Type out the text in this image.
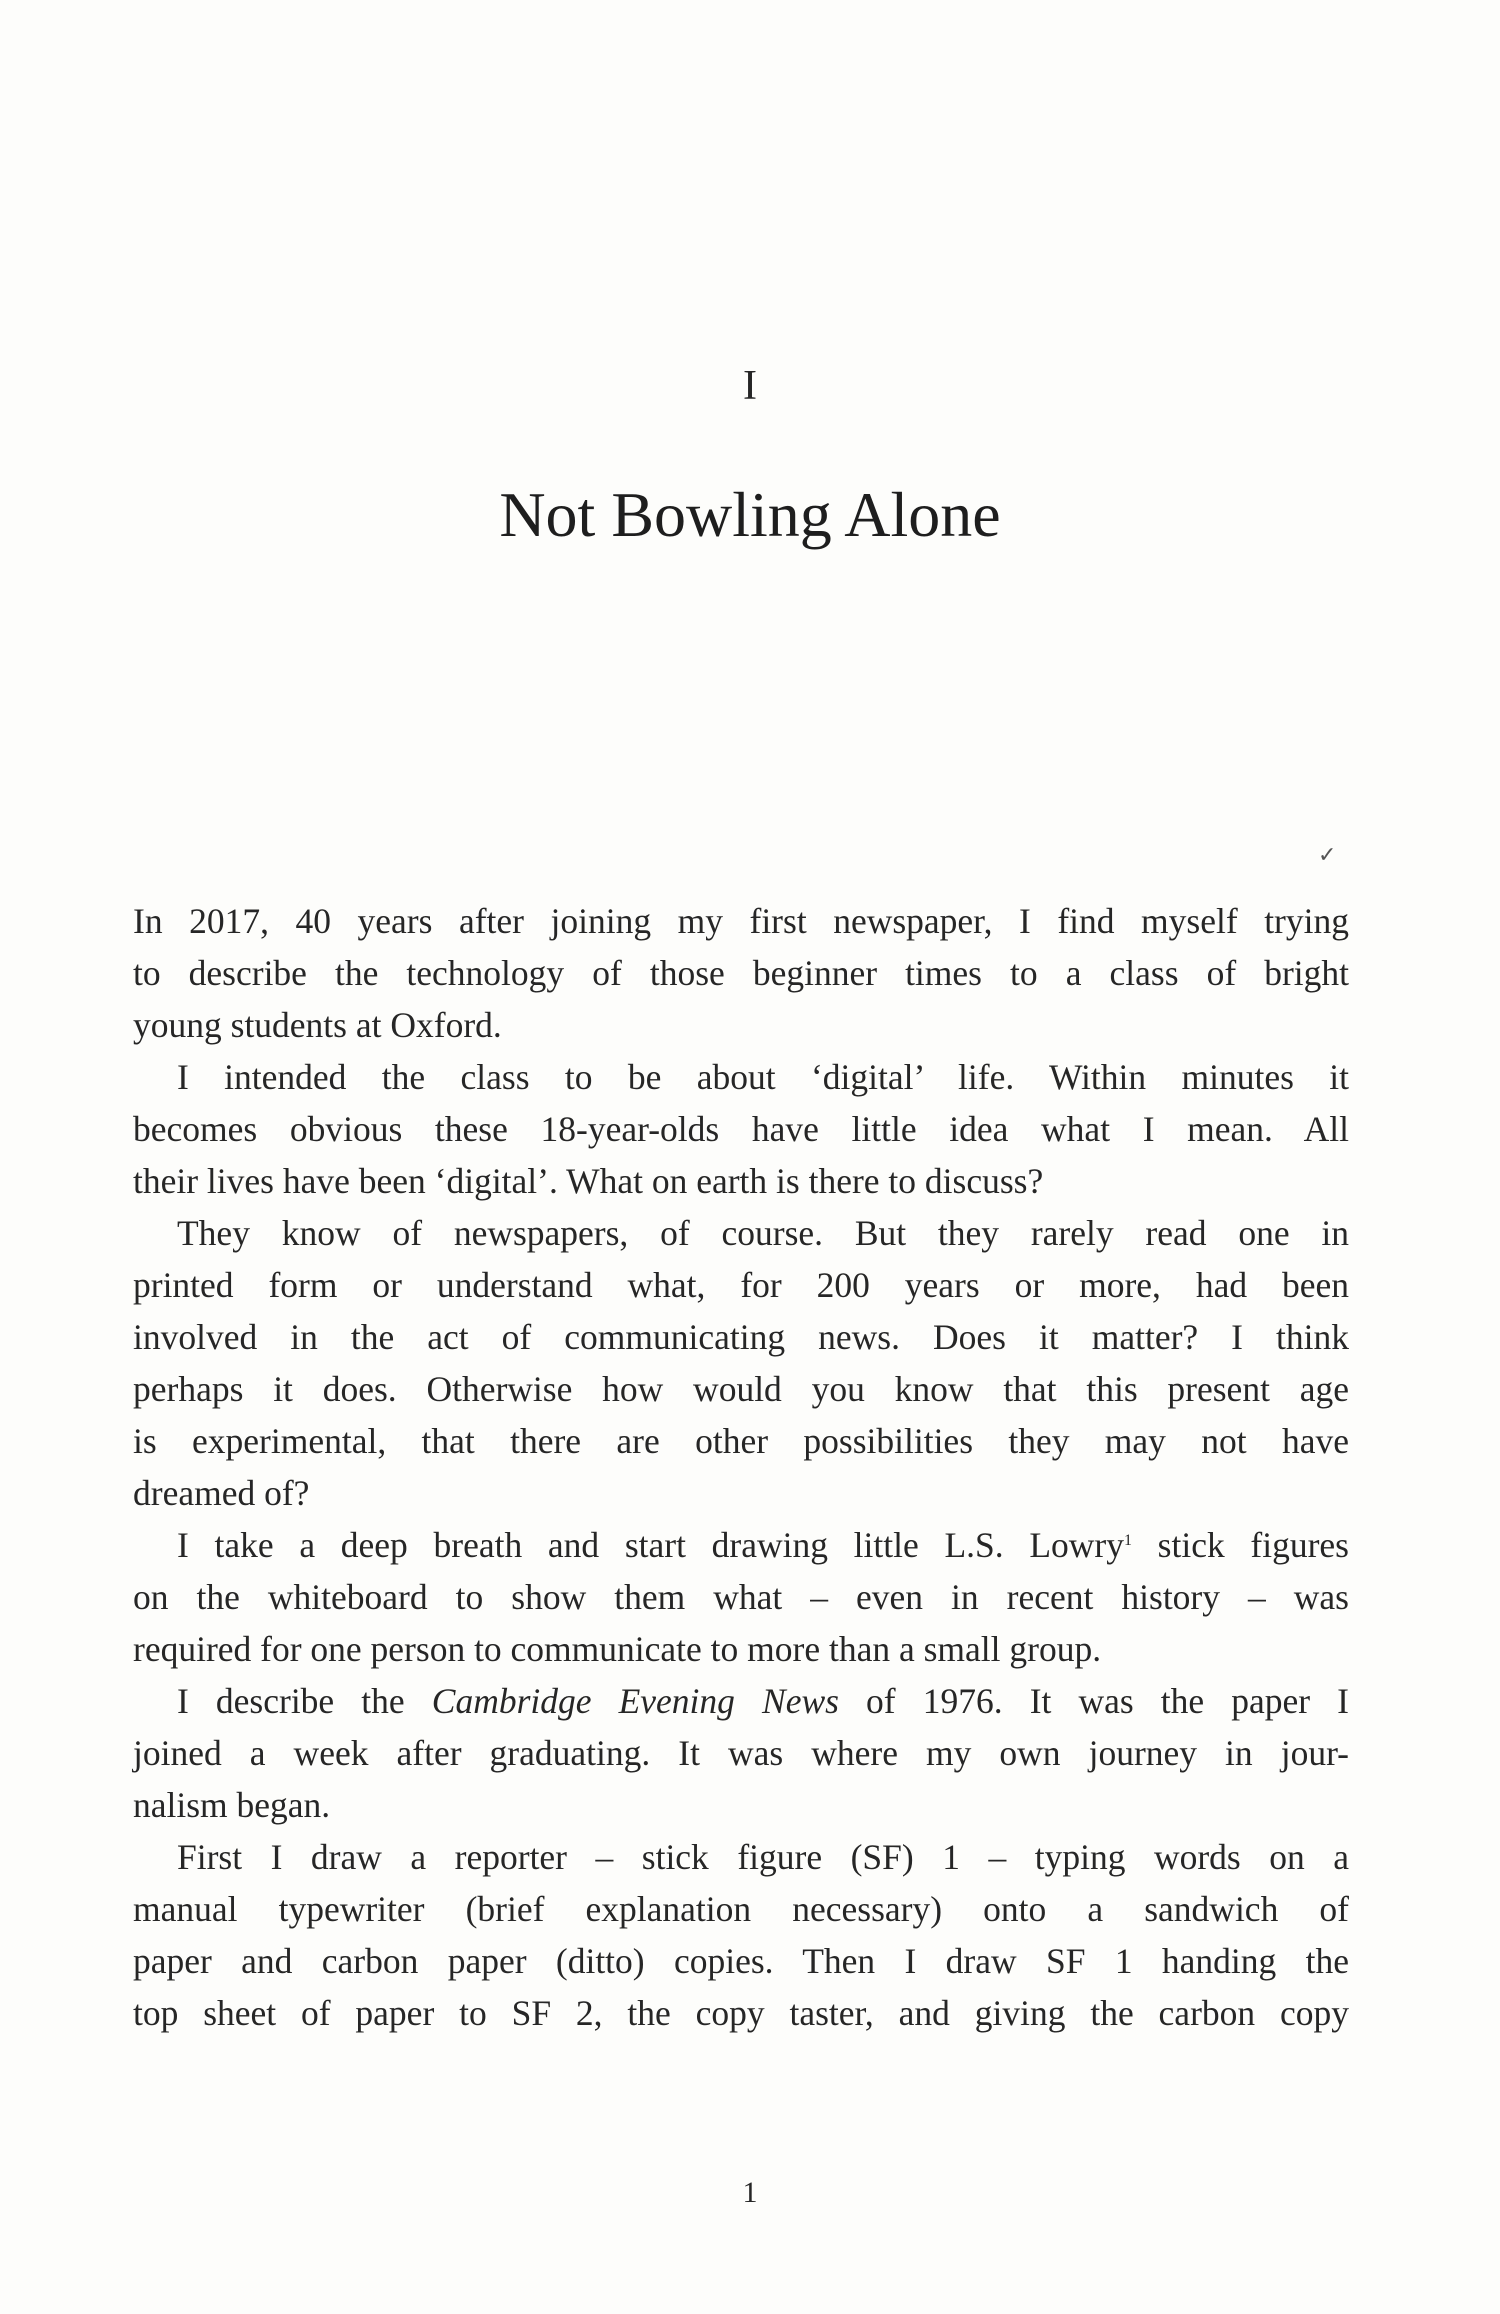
I
Not Bowling Alone
✓
In 2017, 40 years after joining my first newspaper, I find myself trying
to describe the technology of those beginner times to a class of bright
young students at Oxford.
I intended the class to be about ‘digital’ life. Within minutes it
becomes obvious these 18-year-olds have little idea what I mean. All
their lives have been ‘digital’. What on earth is there to discuss?
They know of newspapers, of course. But they rarely read one in
printed form or understand what, for 200 years or more, had been
involved in the act of communicating news. Does it matter? I think
perhaps it does. Otherwise how would you know that this present age
is experimental, that there are other possibilities they may not have
dreamed of?
I take a deep breath and start drawing little L.S. Lowry$^1$ stick figures
on the whiteboard to show them what – even in recent history – was
required for one person to communicate to more than a small group.
I describe the Cambridge Evening News of 1976. It was the paper I
joined a week after graduating. It was where my own journey in jour-
nalism began.
First I draw a reporter – stick figure (SF) 1 – typing words on a
manual typewriter (brief explanation necessary) onto a sandwich of
paper and carbon paper (ditto) copies. Then I draw SF 1 handing the
top sheet of paper to SF 2, the copy taster, and giving the carbon copy
1
